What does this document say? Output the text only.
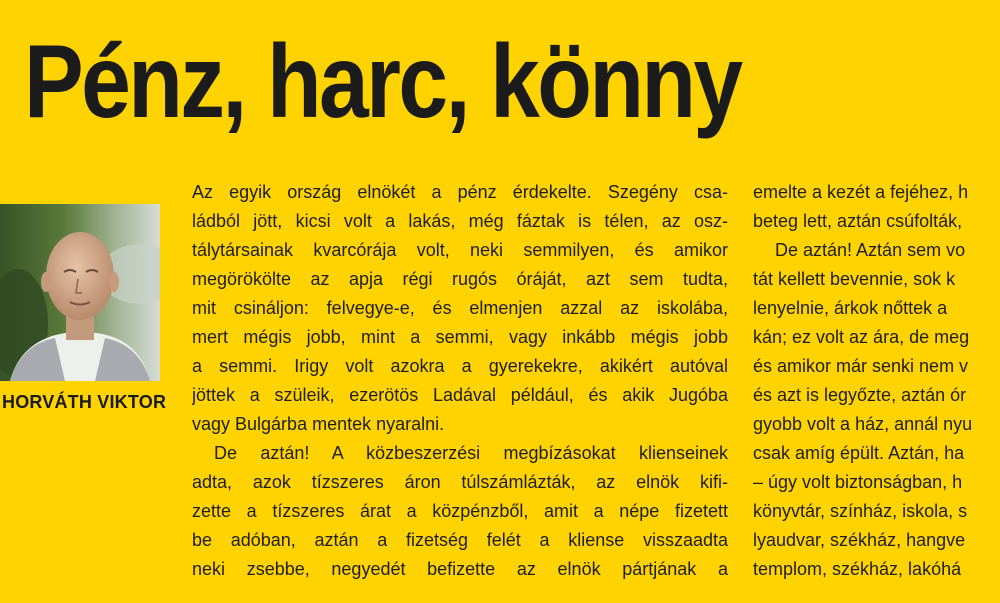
Pénz, harc, könny
HORVÁTH VIKTOR
Az egyik ország elnökét a pénz érdekelte. Szegény csa-
ládból jött, kicsi volt a lakás, még fáztak is télen, az osz-
tálytársainak kvarcórája volt, neki semmilyen, és amikor
megörökölte az apja régi rugós óráját, azt sem tudta,
mit csináljon: felvegye-e, és elmenjen azzal az iskolába,
mert mégis jobb, mint a semmi, vagy inkább mégis jobb
a semmi. Irigy volt azokra a gyerekekre, akikért autóval
jöttek a szüleik, ezerötös Ladával például, és akik Jugóba
vagy Bulgárba mentek nyaralni.
De aztán! A közbeszerzési megbízásokat klienseinek
adta, azok tízszeres áron túlszámlázták, az elnök kifi-
zette a tízszeres árat a közpénzből, amit a népe fizetett
be adóban, aztán a fizetség felét a kliense visszaadta
neki zsebbe, negyedét befizette az elnök pártjának a
emelte a kezét a fejéhez, h
beteg lett, aztán csúfolták,
De aztán! Aztán sem vo
tát kellett bevennie, sok k
lenyelnie, árkok nőttek a
kán; ez volt az ára, de meg
és amikor már senki nem v
és azt is legyőzte, aztán ór
gyobb volt a ház, annál nyu
csak amíg épült. Aztán, ha
– úgy volt biztonságban, h
könyvtár, színház, iskola, s
lyaudvar, székház, hangve
templom, székház, lakóhá
